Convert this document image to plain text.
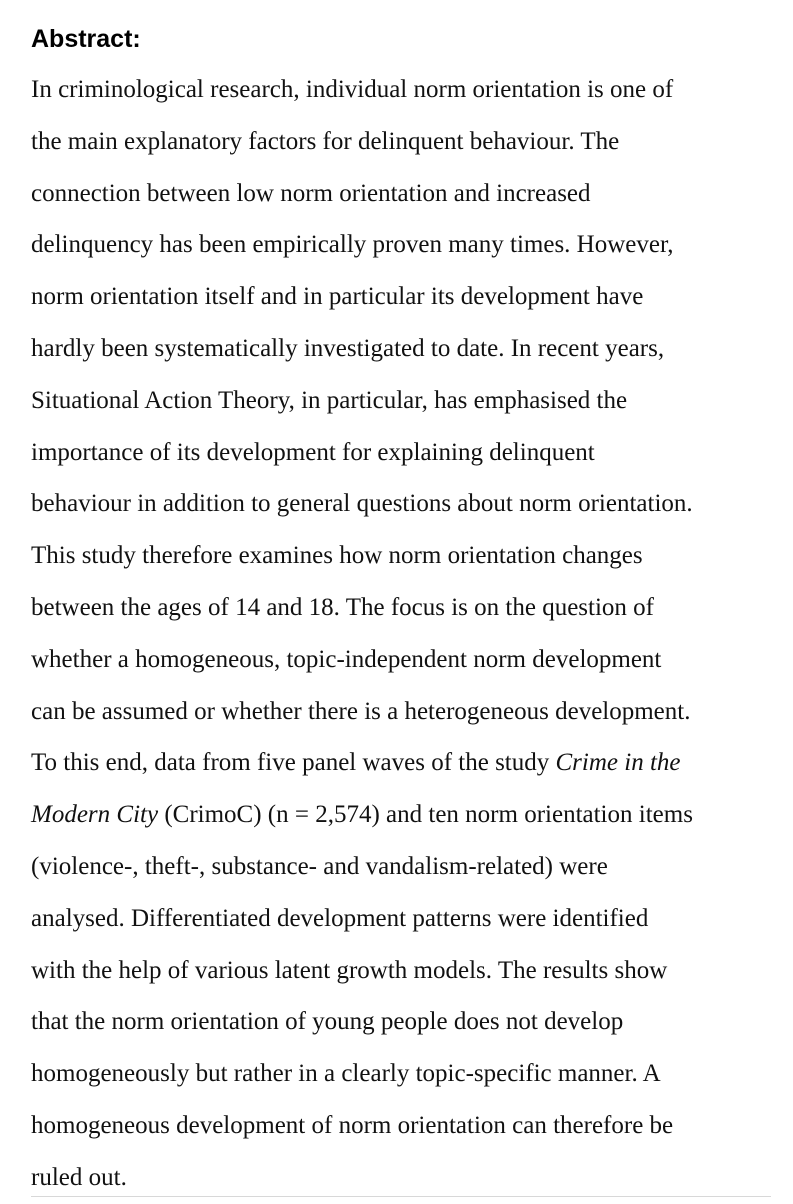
Abstract:
In criminological research, individual norm orientation is one of
the main explanatory factors for delinquent behaviour. The
connection between low norm orientation and increased
delinquency has been empirically proven many times. However,
norm orientation itself and in particular its development have
hardly been systematically investigated to date. In recent years,
Situational Action Theory, in particular, has emphasised the
importance of its development for explaining delinquent
behaviour in addition to general questions about norm orientation.
This study therefore examines how norm orientation changes
between the ages of 14 and 18. The focus is on the question of
whether a homogeneous, topic-independent norm development
can be assumed or whether there is a heterogeneous development.
To this end, data from five panel waves of the study Crime in the
Modern City (CrimoC) (n = 2,574) and ten norm orientation items
(violence-, theft-, substance- and vandalism-related) were
analysed. Differentiated development patterns were identified
with the help of various latent growth models. The results show
that the norm orientation of young people does not develop
homogeneously but rather in a clearly topic-specific manner. A
homogeneous development of norm orientation can therefore be
ruled out.
